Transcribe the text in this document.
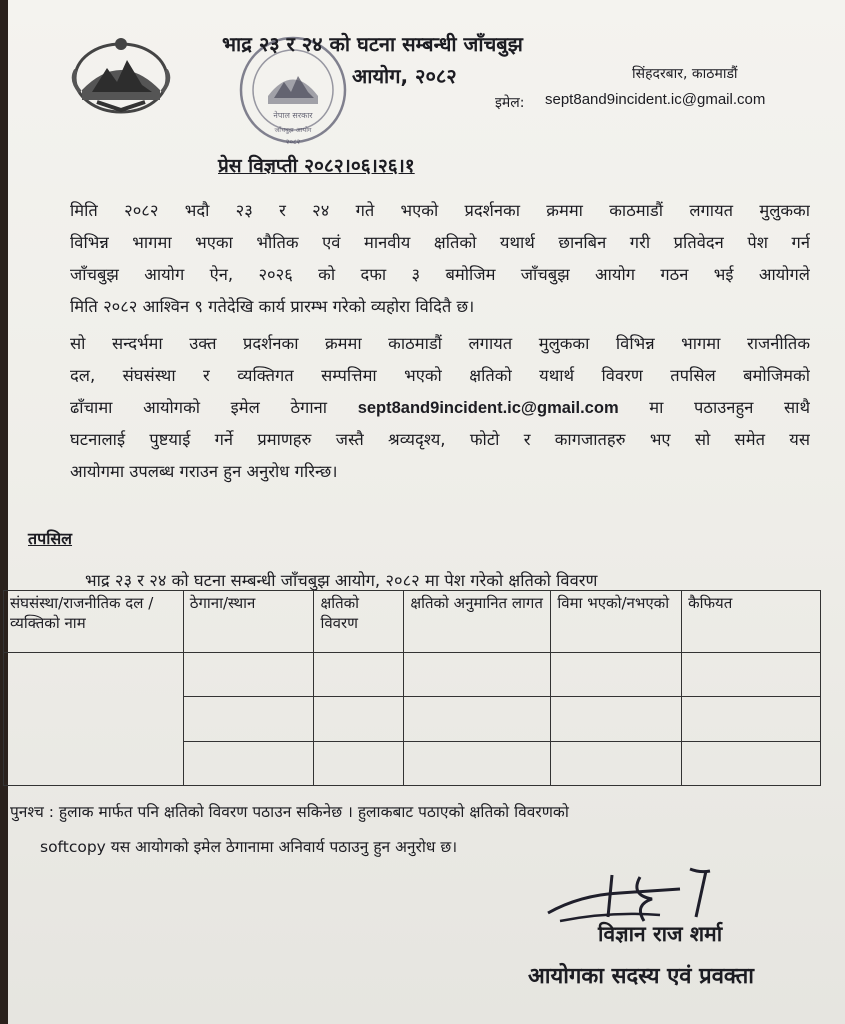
नेपाल सरकार
जाँचबुझ आयोग
२०८२
भाद्र २३ र २४ को घटना सम्बन्धी जाँचबुझ
आयोग, २०८२	सिंहदरबार, काठमाडौं
इमेल: sept8and9incident.ic@gmail.com
प्रेस विज्ञप्ती २०८२।०६।२६।१
मिति २०८२ भदौ २३ र २४ गते भएको प्रदर्शनका क्रममा काठमाडौं लगायत मुलुकका
विभिन्न भागमा भएका भौतिक एवं मानवीय क्षतिको यथार्थ छानबिन गरी प्रतिवेदन पेश गर्न
जाँचबुझ आयोग ऐन, २०२६ को दफा ३ बमोजिम जाँचबुझ आयोग गठन भई आयोगले
मिति २०८२ आश्विन ९ गतेदेखि कार्य प्रारम्भ गरेको व्यहोरा विदितै छ।
सो सन्दर्भमा उक्त प्रदर्शनका क्रममा काठमाडौं लगायत मुलुकका विभिन्न भागमा राजनीतिक
दल, संघसंस्था र व्यक्तिगत सम्पत्तिमा भएको क्षतिको यथार्थ विवरण तपसिल बमोजिमको
ढाँचामा आयोगको इमेल ठेगाना sept8and9incident.ic@gmail.com मा पठाउनहुन साथै
घटनालाई पुष्टयाई गर्ने प्रमाणहरु जस्तै श्रव्यदृश्य, फोटो र कागजातहरु भए सो समेत यस
आयोगमा उपलब्ध गराउन हुन अनुरोध गरिन्छ।
तपसिल
भाद्र २३ र २४ को घटना सम्बन्धी जाँचबुझ आयोग, २०८२ मा पेश गरेको क्षतिको विवरण
संघसंस्था/राजनीतिक दल /व्यक्तिको नाम	ठेगाना/स्थान	क्षतिको विवरण	क्षतिको अनुमानित लागत	विमा भएको/नभएको	कैफियत

पुनश्च : हुलाक मार्फत पनि क्षतिको विवरण पठाउन सकिनेछ । हुलाकबाट पठाएको क्षतिको विवरणको
softcopy यस आयोगको इमेल ठेगानामा अनिवार्य पठाउनु हुन अनुरोध छ।
विज्ञान राज शर्मा
आयोगका सदस्य एवं प्रवक्ता
